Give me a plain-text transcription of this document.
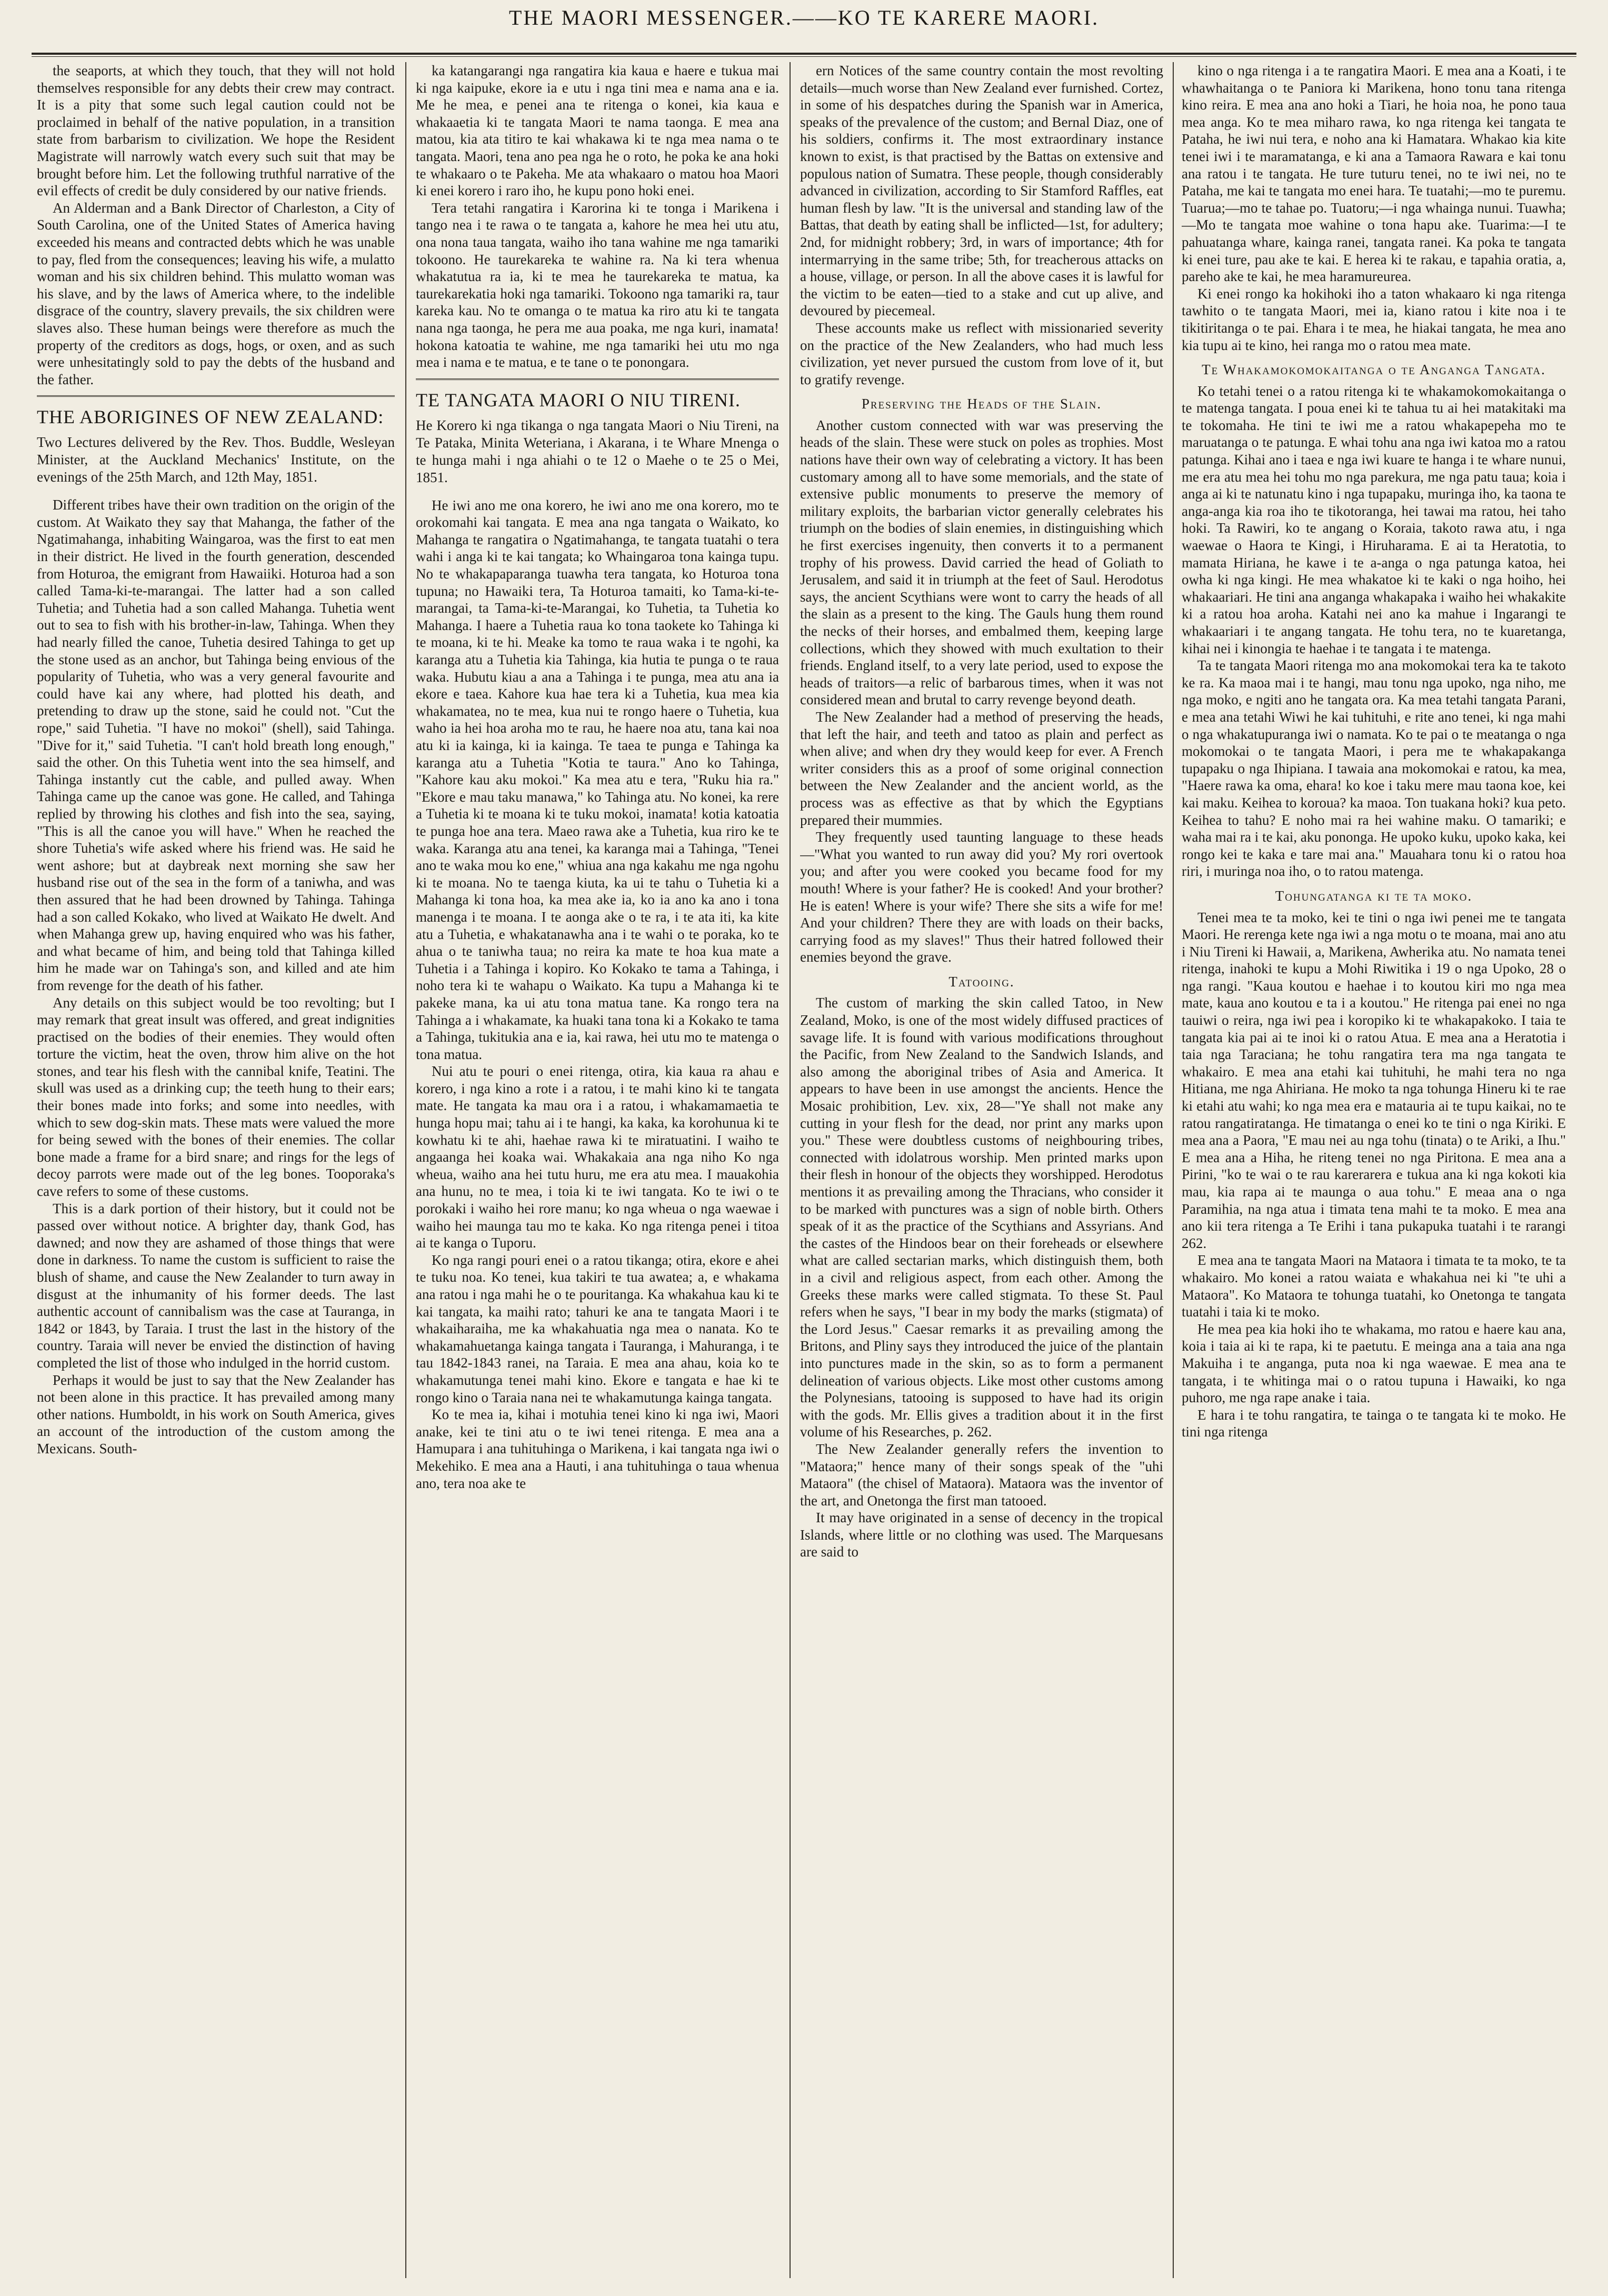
THE MAORI MESSENGER.——KO TE KARERE MAORI.

the seaports, at which they touch, that they will not hold themselves responsible for any debts their crew may contract. It is a pity that some such legal caution could not be proclaimed in behalf of the native population, in a transition state from barbarism to civilization. We hope the Resident Magistrate will narrowly watch every such suit that may be brought before him. Let the following truthful narrative of the evil effects of credit be duly considered by our native friends.

An Alderman and a Bank Director of Charleston, a City of South Carolina, one of the United States of America having exceeded his means and contracted debts which he was unable to pay, fled from the consequences; leaving his wife, a mulatto woman and his six children behind. This mulatto woman was his slave, and by the laws of America where, to the indelible disgrace of the country, slavery prevails, the six children were slaves also. These human beings were therefore as much the property of the creditors as dogs, hogs, or oxen, and as such were unhesitatingly sold to pay the debts of the husband and the father.

THE ABORIGINES OF NEW ZEALAND:

Two Lectures delivered by the Rev. Thos. Buddle, Wesleyan Minister, at the Auckland Mechanics' Institute, on the evenings of the 25th March, and 12th May, 1851.

Different tribes have their own tradition on the origin of the custom. At Waikato they say that Mahanga, the father of the Ngatimahanga, inhabiting Waingaroa, was the first to eat men in their district. He lived in the fourth generation, descended from Hoturoa, the emigrant from Hawaiiki. Hoturoa had a son called Tama-ki-te-marangai. The latter had a son called Tuhetia; and Tuhetia had a son called Mahanga. Tuhetia went out to sea to fish with his brother-in-law, Tahinga. When they had nearly filled the canoe, Tuhetia desired Tahinga to get up the stone used as an anchor, but Tahinga being envious of the popularity of Tuhetia, who was a very general favourite and could have kai any where, had plotted his death, and pretending to draw up the stone, said he could not. "Cut the rope," said Tuhetia. "I have no mokoi" (shell), said Tahinga. "Dive for it," said Tuhetia. "I can't hold breath long enough," said the other. On this Tuhetia went into the sea himself, and Tahinga instantly cut the cable, and pulled away. When Tahinga came up the canoe was gone. He called, and Tahinga replied by throwing his clothes and fish into the sea, saying, "This is all the canoe you will have." When he reached the shore Tuhetia's wife asked where his friend was. He said he went ashore; but at daybreak next morning she saw her husband rise out of the sea in the form of a taniwha, and was then assured that he had been drowned by Tahinga. Tahinga had a son called Kokako, who lived at Waikato He dwelt. And when Mahanga grew up, having enquired who was his father, and what became of him, and being told that Tahinga killed him he made war on Tahinga's son, and killed and ate him from revenge for the death of his father.

Any details on this subject would be too revolting; but I may remark that great insult was offered, and great indignities practised on the bodies of their enemies. They would often torture the victim, heat the oven, throw him alive on the hot stones, and tear his flesh with the cannibal knife, Teatini. The skull was used as a drinking cup; the teeth hung to their ears; their bones made into forks; and some into needles, with which to sew dog-skin mats. These mats were valued the more for being sewed with the bones of their enemies. The collar bone made a frame for a bird snare; and rings for the legs of decoy parrots were made out of the leg bones. Tooporaka's cave refers to some of these customs.

This is a dark portion of their history, but it could not be passed over without notice. A brighter day, thank God, has dawned; and now they are ashamed of those things that were done in darkness. To name the custom is sufficient to raise the blush of shame, and cause the New Zealander to turn away in disgust at the inhumanity of his former deeds. The last authentic account of cannibalism was the case at Tauranga, in 1842 or 1843, by Taraia. I trust the last in the history of the country. Taraia will never be envied the distinction of having completed the list of those who indulged in the horrid custom.

Perhaps it would be just to say that the New Zealander has not been alone in this practice. It has prevailed among many other nations. Humboldt, in his work on South America, gives an account of the introduction of the custom among the Mexicans. South-

ka katangarangi nga rangatira kia kaua e haere e tukua mai ki nga kaipuke, ekore ia e utu i nga tini mea e nama ana e ia. Me he mea, e penei ana te ritenga o konei, kia kaua e whakaaetia ki te tangata Maori te nama taonga. E mea ana matou, kia ata titiro te kai whakawa ki te nga mea nama o te tangata. Maori, tena ano pea nga he o roto, he poka ke ana hoki te whakaaro o te Pakeha. Me ata whakaaro o matou hoa Maori ki enei korero i raro iho, he kupu pono hoki enei.

Tera tetahi rangatira i Karorina ki te tonga i Marikena i tango nea i te rawa o te tangata a, kahore he mea hei utu atu, ona nona taua tangata, waiho iho tana wahine me nga tamariki tokoono. He taurekareka te wahine ra. Na ki tera whenua whakatutua ra ia, ki te mea he taurekareka te matua, ka taurekarekatia hoki nga tamariki. Tokoono nga tamariki ra, taur kareka kau. No te omanga o te matua ka riro atu ki te tangata nana nga taonga, he pera me aua poaka, me nga kuri, inamata! hokona katoatia te wahine, me nga tamariki hei utu mo nga mea i nama e te matua, e te tane o te ponongara.

TE TANGATA MAORI O NIU TIRENI.

He Korero ki nga tikanga o nga tangata Maori o Niu Tireni, na Te Pataka, Minita Weteriana, i Akarana, i te Whare Mnenga o te hunga mahi i nga ahiahi o te 12 o Maehe o te 25 o Mei, 1851.

He iwi ano me ona korero, he iwi ano me ona korero, mo te orokomahi kai tangata. E mea ana nga tangata o Waikato, ko Mahanga te rangatira o Ngatimahanga, te tangata tuatahi o tera wahi i anga ki te kai tangata; ko Whaingaroa tona kainga tupu. No te whakapaparanga tuawha tera tangata, ko Hoturoa tona tupuna; no Hawaiki tera, Ta Hoturoa tamaiti, ko Tama-ki-te-marangai, ta Tama-ki-te-Marangai, ko Tuhetia, ta Tuhetia ko Mahanga. I haere a Tuhetia raua ko tona taokete ko Tahinga ki te moana, ki te hi. Meake ka tomo te raua waka i te ngohi, ka karanga atu a Tuhetia kia Tahinga, kia hutia te punga o te raua waka. Hubutu kiau a ana a Tahinga i te punga, mea atu ana ia ekore e taea. Kahore kua hae tera ki a Tuhetia, kua mea kia whakamatea, no te mea, kua nui te rongo haere o Tuhetia, kua waho ia hei hoa aroha mo te rau, he haere noa atu, tana kai noa atu ki ia kainga, ki ia kainga. Te taea te punga e Tahinga ka karanga atu a Tuhetia "Kotia te taura." Ano ko Tahinga, "Kahore kau aku mokoi." Ka mea atu e tera, "Ruku hia ra." "Ekore e mau taku manawa," ko Tahinga atu. No konei, ka rere a Tuhetia ki te moana ki te tuku mokoi, inamata! kotia katoatia te punga hoe ana tera. Maeo rawa ake a Tuhetia, kua riro ke te waka. Karanga atu ana tenei, ka karanga mai a Tahinga, "Tenei ano te waka mou ko ene," whiua ana nga kakahu me nga ngohu ki te moana. No te taenga kiuta, ka ui te tahu o Tuhetia ki a Mahanga ki tona hoa, ka mea ake ia, ko ia ano ka ano i tona manenga i te moana. I te aonga ake o te ra, i te ata iti, ka kite atu a Tuhetia, e whakatanawha ana i te wahi o te poraka, ko te ahua o te taniwha taua; no reira ka mate te hoa kua mate a Tuhetia i a Tahinga i kopiro. Ko Kokako te tama a Tahinga, i noho tera ki te wahapu o Waikato. Ka tupu a Mahanga ki te pakeke mana, ka ui atu tona matua tane. Ka rongo tera na Tahinga a i whakamate, ka huaki tana tona ki a Kokako te tama a Tahinga, tukitukia ana e ia, kai rawa, hei utu mo te matenga o tona matua.

Nui atu te pouri o enei ritenga, otira, kia kaua ra ahau e korero, i nga kino a rote i a ratou, i te mahi kino ki te tangata mate. He tangata ka mau ora i a ratou, i whakamamaetia te hunga hopu mai; tahu ai i te hangi, ka kaka, ka korohunua ki te kowhatu ki te ahi, haehae rawa ki te miratuatini. I waiho te angaanga hei koaka wai. Whakakaia ana nga niho Ko nga wheua, waiho ana hei tutu huru, me era atu mea. I mauakohia ana hunu, no te mea, i toia ki te iwi tangata. Ko te iwi o te porokaki i waiho hei rore manu; ko nga wheua o nga waewae i waiho hei maunga tau mo te kaka. Ko nga ritenga penei i titoa ai te kanga o Tuporu.

Ko nga rangi pouri enei o a ratou tikanga; otira, ekore e ahei te tuku noa. Ko tenei, kua takiri te tua awatea; a, e whakama ana ratou i nga mahi he o te pouritanga. Ka whakahua kau ki te kai tangata, ka maihi rato; tahuri ke ana te tangata Maori i te whakaiharaiha, me ka whakahuatia nga mea o nanata. Ko te whakamahuetanga kainga tangata i Tauranga, i Mahuranga, i te tau 1842-1843 ranei, na Taraia. E mea ana ahau, koia ko te whakamutunga tenei mahi kino. Ekore e tangata e hae ki te rongo kino o Taraia nana nei te whakamutunga kainga tangata.

Ko te mea ia, kihai i motuhia tenei kino ki nga iwi, Maori anake, kei te tini atu o te iwi tenei ritenga. E mea ana a Hamupara i ana tuhituhinga o Marikena, i kai tangata nga iwi o Mekehiko. E mea ana a Hauti, i ana tuhituhinga o taua whenua ano, tera noa ake te

ern Notices of the same country contain the most revolting details—much worse than New Zealand ever furnished. Cortez, in some of his despatches during the Spanish war in America, speaks of the prevalence of the custom; and Bernal Diaz, one of his soldiers, confirms it. The most extraordinary instance known to exist, is that practised by the Battas on extensive and populous nation of Sumatra. These people, though considerably advanced in civilization, according to Sir Stamford Raffles, eat human flesh by law. "It is the universal and standing law of the Battas, that death by eating shall be inflicted—1st, for adultery; 2nd, for midnight robbery; 3rd, in wars of importance; 4th for intermarrying in the same tribe; 5th, for treacherous attacks on a house, village, or person. In all the above cases it is lawful for the victim to be eaten—tied to a stake and cut up alive, and devoured by piecemeal.

These accounts make us reflect with missionaried severity on the practice of the New Zealanders, who had much less civilization, yet never pursued the custom from love of it, but to gratify revenge.

Preserving the Heads of the Slain.

Another custom connected with war was preserving the heads of the slain. These were stuck on poles as trophies. Most nations have their own way of celebrating a victory. It has been customary among all to have some memorials, and the state of extensive public monuments to preserve the memory of military exploits, the barbarian victor generally celebrates his triumph on the bodies of slain enemies, in distinguishing which he first exercises ingenuity, then converts it to a permanent trophy of his prowess. David carried the head of Goliath to Jerusalem, and said it in triumph at the feet of Saul. Herodotus says, the ancient Scythians were wont to carry the heads of all the slain as a present to the king. The Gauls hung them round the necks of their horses, and embalmed them, keeping large collections, which they showed with much exultation to their friends. England itself, to a very late period, used to expose the heads of traitors—a relic of barbarous times, when it was not considered mean and brutal to carry revenge beyond death.

The New Zealander had a method of preserving the heads, that left the hair, and teeth and tatoo as plain and perfect as when alive; and when dry they would keep for ever. A French writer considers this as a proof of some original connection between the New Zealander and the ancient world, as the process was as effective as that by which the Egyptians prepared their mummies.

They frequently used taunting language to these heads—"What you wanted to run away did you? My rori overtook you; and after you were cooked you became food for my mouth! Where is your father? He is cooked! And your brother? He is eaten! Where is your wife? There she sits a wife for me! And your children? There they are with loads on their backs, carrying food as my slaves!" Thus their hatred followed their enemies beyond the grave.

Tatooing.

The custom of marking the skin called Tatoo, in New Zealand, Moko, is one of the most widely diffused practices of savage life. It is found with various modifications throughout the Pacific, from New Zealand to the Sandwich Islands, and also among the aboriginal tribes of Asia and America. It appears to have been in use amongst the ancients. Hence the Mosaic prohibition, Lev. xix, 28—"Ye shall not make any cutting in your flesh for the dead, nor print any marks upon you." These were doubtless customs of neighbouring tribes, connected with idolatrous worship. Men printed marks upon their flesh in honour of the objects they worshipped. Herodotus mentions it as prevailing among the Thracians, who consider it to be marked with punctures was a sign of noble birth. Others speak of it as the practice of the Scythians and Assyrians. And the castes of the Hindoos bear on their foreheads or elsewhere what are called sectarian marks, which distinguish them, both in a civil and religious aspect, from each other. Among the Greeks these marks were called stigmata. To these St. Paul refers when he says, "I bear in my body the marks (stigmata) of the Lord Jesus." Caesar remarks it as prevailing among the Britons, and Pliny says they introduced the juice of the plantain into punctures made in the skin, so as to form a permanent delineation of various objects. Like most other customs among the Polynesians, tatooing is supposed to have had its origin with the gods. Mr. Ellis gives a tradition about it in the first volume of his Researches, p. 262.

The New Zealander generally refers the invention to "Mataora;" hence many of their songs speak of the "uhi Mataora" (the chisel of Mataora). Mataora was the inventor of the art, and Onetonga the first man tatooed.

It may have originated in a sense of decency in the tropical Islands, where little or no clothing was used. The Marquesans are said to

kino o nga ritenga i a te rangatira Maori. E mea ana a Koati, i te whawhaitanga o te Paniora ki Marikena, hono tonu tana ritenga kino reira. E mea ana ano hoki a Tiari, he hoia noa, he pono taua mea anga. Ko te mea miharo rawa, ko nga ritenga kei tangata te Pataha, he iwi nui tera, e noho ana ki Hamatara. Whakao kia kite tenei iwi i te maramatanga, e ki ana a Tamaora Rawara e kai tonu ana ratou i te tangata. He ture tuturu tenei, no te iwi nei, no te Pataha, me kai te tangata mo enei hara. Te tuatahi;—mo te puremu. Tuarua;—mo te tahae po. Tuatoru;—i nga whainga nunui. Tuawha;—Mo te tangata moe wahine o tona hapu ake. Tuarima:—I te pahuatanga whare, kainga ranei, tangata ranei. Ka poka te tangata ki enei ture, pau ake te kai. E herea ki te rakau, e tapahia oratia, a, pareho ake te kai, he mea haramureurea.

Ki enei rongo ka hokihoki iho a taton whakaaro ki nga ritenga tawhito o te tangata Maori, mei ia, kiano ratou i kite noa i te tikitiritanga o te pai. Ehara i te mea, he hiakai tangata, he mea ano kia tupu ai te kino, hei ranga mo o ratou mea mate.

Te Whakamokomokaitanga o te Anganga Tangata.

Ko tetahi tenei o a ratou ritenga ki te whakamokomokaitanga o te matenga tangata. I poua enei ki te tahua tu ai hei matakitaki ma te tokomaha. He tini te iwi me a ratou whakapepeha mo te maruatanga o te patunga. E whai tohu ana nga iwi katoa mo a ratou patunga. Kihai ano i taea e nga iwi kuare te hanga i te whare nunui, me era atu mea hei tohu mo nga parekura, me nga patu taua; koia i anga ai ki te natunatu kino i nga tupapaku, muringa iho, ka taona te anga-anga kia roa iho te tikotoranga, hei tawai ma ratou, hei taho hoki. Ta Rawiri, ko te angang o Koraia, takoto rawa atu, i nga waewae o Haora te Kingi, i Hiruharama. E ai ta Heratotia, to mamata Hiriana, he kawe i te a-anga o nga patunga katoa, hei owha ki nga kingi. He mea whakatoe ki te kaki o nga hoiho, hei whakaariari. He tini ana anganga whakapaka i waiho hei whakakite ki a ratou hoa aroha. Katahi nei ano ka mahue i Ingarangi te whakaariari i te angang tangata. He tohu tera, no te kuaretanga, kihai nei i kinongia te haehae i te tangata i te matenga.

Ta te tangata Maori ritenga mo ana mokomokai tera ka te takoto ke ra. Ka maoa mai i te hangi, mau tonu nga upoko, nga niho, me nga moko, e ngiti ano he tangata ora. Ka mea tetahi tangata Parani, e mea ana tetahi Wiwi he kai tuhituhi, e rite ano tenei, ki nga mahi o nga whakatupuranga iwi o namata. Ko te pai o te meatanga o nga mokomokai o te tangata Maori, i pera me te whakapakanga tupapaku o nga Ihipiana. I tawaia ana mokomokai e ratou, ka mea, "Haere rawa ka oma, ehara! ko koe i taku mere mau taona koe, kei kai maku. Keihea to koroua? ka maoa. Ton tuakana hoki? kua peto. Keihea to tahu? E noho mai ra hei wahine maku. O tamariki; e waha mai ra i te kai, aku pononga. He upoko kuku, upoko kaka, kei rongo kei te kaka e tare mai ana." Mauahara tonu ki o ratou hoa riri, i muringa noa iho, o to ratou matenga.

Tohungatanga ki te ta moko.

Tenei mea te ta moko, kei te tini o nga iwi penei me te tangata Maori. He rerenga kete nga iwi a nga motu o te moana, mai ano atu i Niu Tireni ki Hawaii, a, Marikena, Awherika atu. No namata tenei ritenga, inahoki te kupu a Mohi Riwitika i 19 o nga Upoko, 28 o nga rangi. "Kaua koutou e haehae i to koutou kiri mo nga mea mate, kaua ano koutou e ta i a koutou." He ritenga pai enei no nga tauiwi o reira, nga iwi pea i koropiko ki te whakapakoko. I taia te tangata kia pai ai te inoi ki o ratou Atua. E mea ana a Heratotia i taia nga Taraciana; he tohu rangatira tera ma nga tangata te whakairo. E mea ana etahi kai tuhituhi, he mahi tera no nga Hitiana, me nga Ahiriana. He moko ta nga tohunga Hineru ki te rae ki etahi atu wahi; ko nga mea era e matauria ai te tupu kaikai, no te ratou rangatiratanga. He timatanga o enei ko te tini o nga Kiriki. E mea ana a Paora, "E mau nei au nga tohu (tinata) o te Ariki, a Ihu." E mea ana a Hiha, he riteng tenei no nga Piritona. E mea ana a Pirini, "ko te wai o te rau karerarera e tukua ana ki nga kokoti kia mau, kia rapa ai te maunga o aua tohu." E meaa ana o nga Paramihia, na nga atua i timata tena mahi te ta moko. E mea ana ano kii tera ritenga a Te Erihi i tana pukapuka tuatahi i te rarangi 262.

E mea ana te tangata Maori na Mataora i timata te ta moko, te ta whakairo. Mo konei a ratou waiata e whakahua nei ki "te uhi a Mataora". Ko Mataora te tohunga tuatahi, ko Onetonga te tangata tuatahi i taia ki te moko.

He mea pea kia hoki iho te whakama, mo ratou e haere kau ana, koia i taia ai ki te rapa, ki te paetutu. E meinga ana a taia ana nga Makuiha i te anganga, puta noa ki nga waewae. E mea ana te tangata, i te whitinga mai o o ratou tupuna i Hawaiki, ko nga puhoro, me nga rape anake i taia.

E hara i te tohu rangatira, te tainga o te tangata ki te moko. He tini nga ritenga
